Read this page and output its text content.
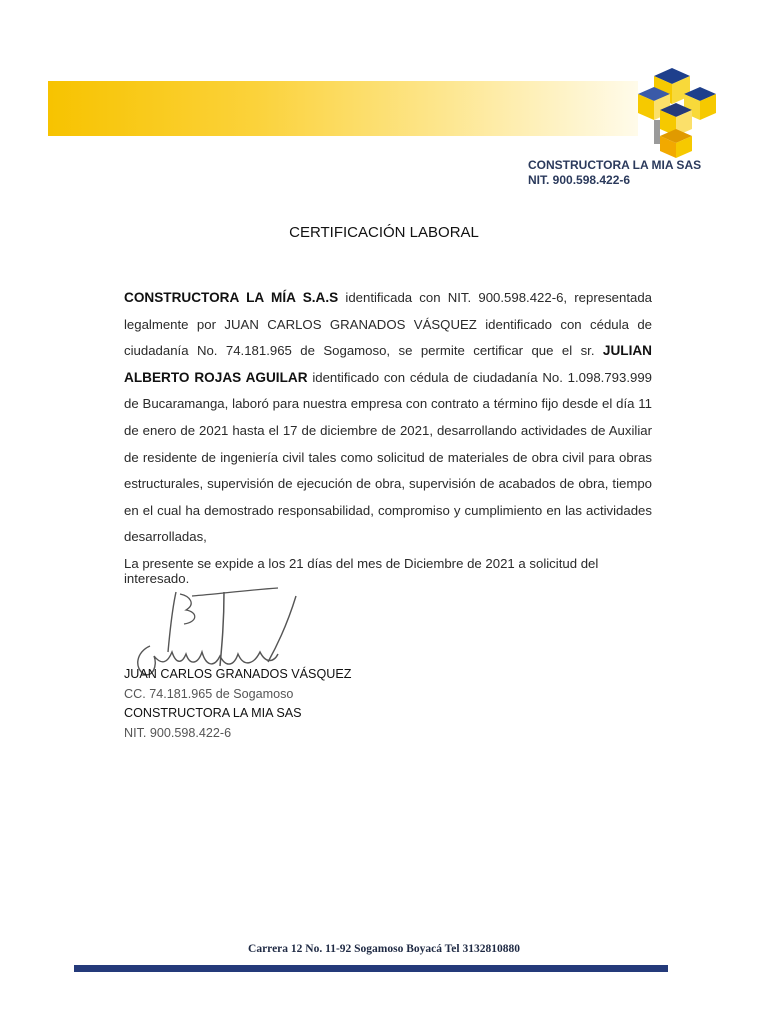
CONSTRUCTORA LA MIA SAS
NIT. 900.598.422-6
CERTIFICACIÓN LABORAL
CONSTRUCTORA LA MÍA S.A.S identificada con NIT. 900.598.422-6, representada legalmente por JUAN CARLOS GRANADOS VÁSQUEZ identificado con cédula de ciudadanía No. 74.181.965 de Sogamoso, se permite certificar que el sr. JULIAN ALBERTO ROJAS AGUILAR identificado con cédula de ciudadanía No. 1.098.793.999 de Bucaramanga, laboró para nuestra empresa con contrato a término fijo desde el día 11 de enero de 2021 hasta el 17 de diciembre de 2021, desarrollando actividades de Auxiliar de residente de ingeniería civil tales como solicitud de materiales de obra civil para obras estructurales, supervisión de ejecución de obra, supervisión de acabados de obra, tiempo en el cual ha demostrado responsabilidad, compromiso y cumplimiento en las actividades desarrolladas,
La presente se expide a los 21 días del mes de Diciembre de 2021 a solicitud del interesado.
JUAN CARLOS GRANADOS VÁSQUEZ
CC. 74.181.965 de Sogamoso
CONSTRUCTORA LA MIA SAS
NIT. 900.598.422-6
Carrera 12 No. 11-92 Sogamoso Boyacá Tel 3132810880
